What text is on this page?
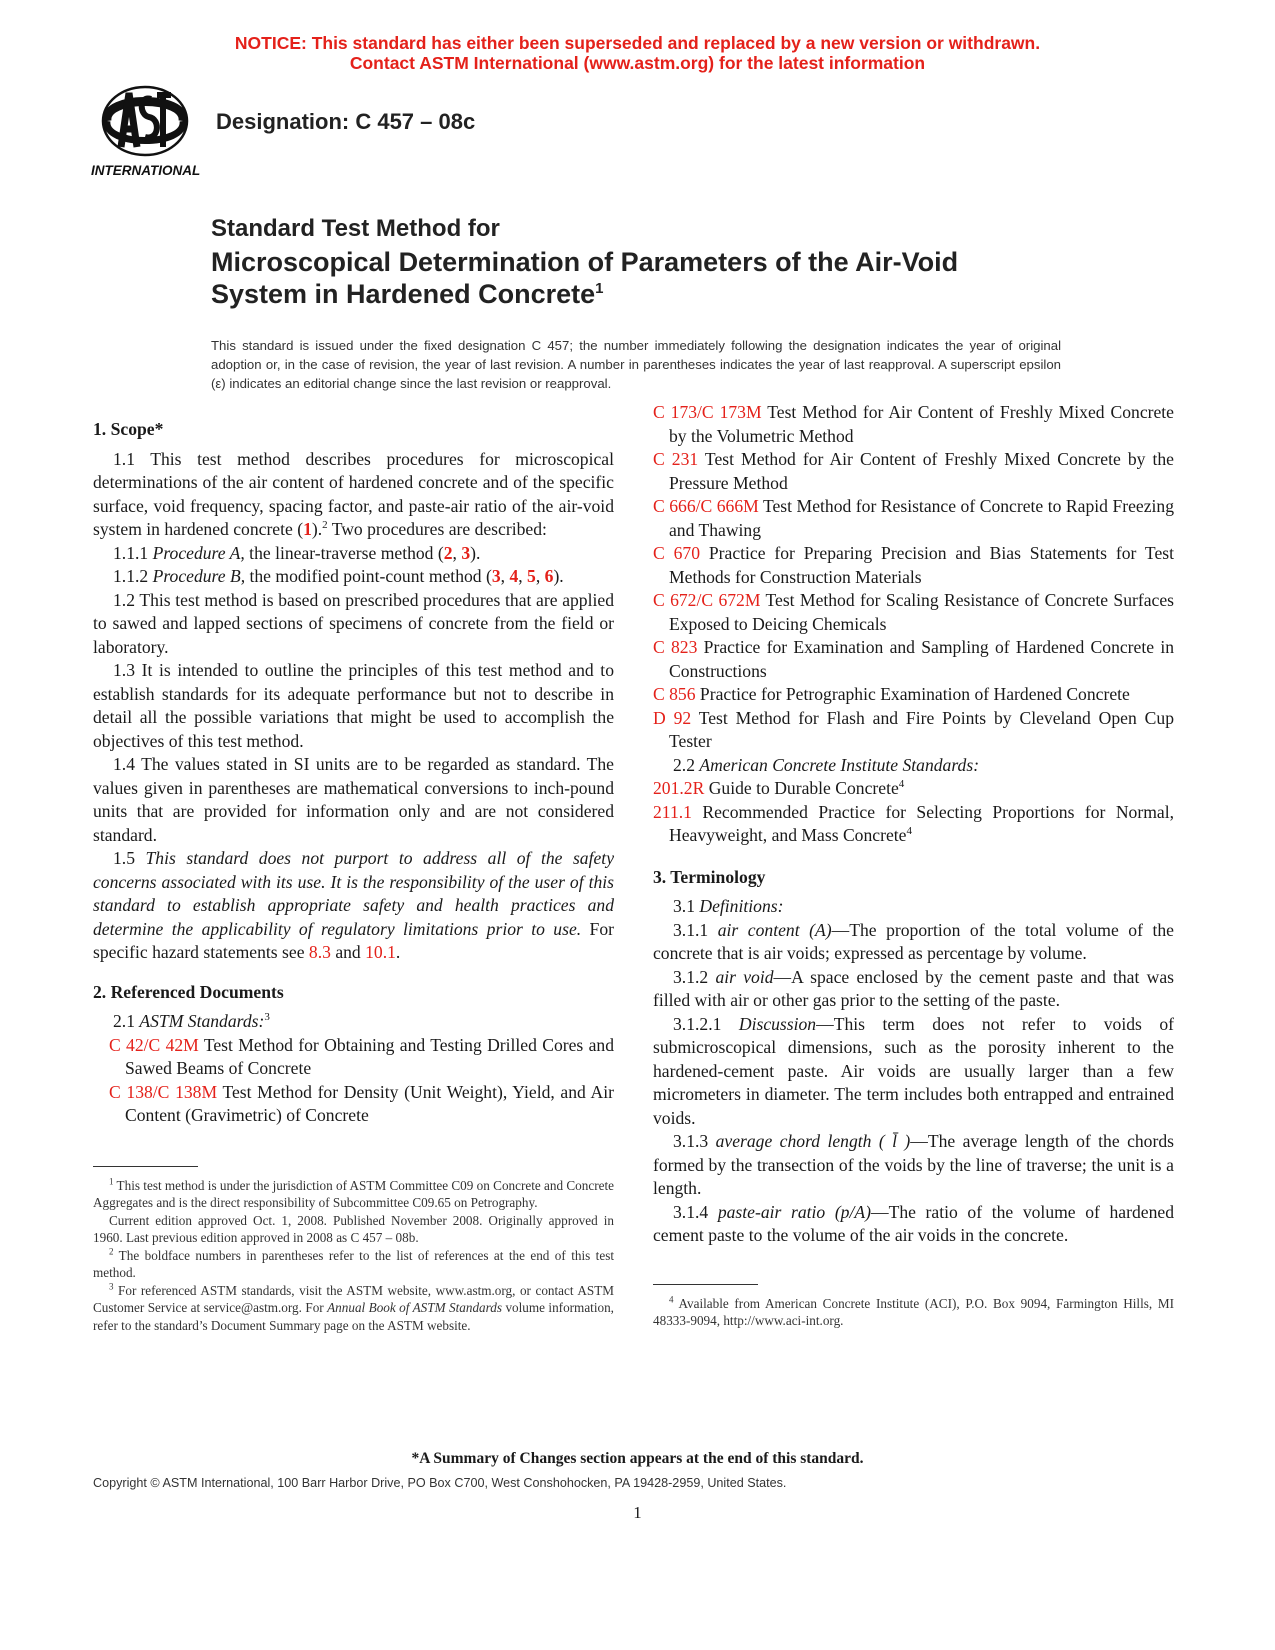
NOTICE: This standard has either been superseded and replaced by a new version or withdrawn.
Contact ASTM International (www.astm.org) for the latest information
INTERNATIONAL
Designation: C 457 – 08c
Standard Test Method for
Microscopical Determination of Parameters of the Air-Void
System in Hardened Concrete$^1$
This standard is issued under the fixed designation C 457; the number immediately following the designation indicates the year of original adoption or, in the case of revision, the year of last revision. A number in parentheses indicates the year of last reapproval. A superscript epsilon (ε) indicates an editorial change since the last revision or reapproval.

1. Scope*

1.1 This test method describes procedures for microscopical determinations of the air content of hardened concrete and of the specific surface, void frequency, spacing factor, and paste-air ratio of the air-void system in hardened concrete (1).$^2$ Two procedures are described:

1.1.1 Procedure A, the linear-traverse method (2, 3).

1.1.2 Procedure B, the modified point-count method (3, 4, 5, 6).

1.2 This test method is based on prescribed procedures that are applied to sawed and lapped sections of specimens of concrete from the field or laboratory.

1.3 It is intended to outline the principles of this test method and to establish standards for its adequate performance but not to describe in detail all the possible variations that might be used to accomplish the objectives of this test method.

1.4 The values stated in SI units are to be regarded as standard. The values given in parentheses are mathematical conversions to inch-pound units that are provided for information only and are not considered standard.

1.5 This standard does not purport to address all of the safety concerns associated with its use. It is the responsibility of the user of this standard to establish appropriate safety and health practices and determine the applicability of regulatory limitations prior to use. For specific hazard statements see 8.3 and 10.1.

2. Referenced Documents

2.1 ASTM Standards:$^3$

C 42/C 42M Test Method for Obtaining and Testing Drilled Cores and Sawed Beams of Concrete

C 138/C 138M Test Method for Density (Unit Weight), Yield, and Air Content (Gravimetric) of Concrete

$^1$ This test method is under the jurisdiction of ASTM Committee C09 on Concrete and Concrete Aggregates and is the direct responsibility of Subcommittee C09.65 on Petrography.

Current edition approved Oct. 1, 2008. Published November 2008. Originally approved in 1960. Last previous edition approved in 2008 as C 457 – 08b.

$^2$ The boldface numbers in parentheses refer to the list of references at the end of this test method.

$^3$ For referenced ASTM standards, visit the ASTM website, www.astm.org, or contact ASTM Customer Service at service@astm.org. For Annual Book of ASTM Standards volume information, refer to the standard’s Document Summary page on the ASTM website.

C 173/C 173M Test Method for Air Content of Freshly Mixed Concrete by the Volumetric Method

C 231 Test Method for Air Content of Freshly Mixed Concrete by the Pressure Method

C 666/C 666M Test Method for Resistance of Concrete to Rapid Freezing and Thawing

C 670 Practice for Preparing Precision and Bias Statements for Test Methods for Construction Materials

C 672/C 672M Test Method for Scaling Resistance of Concrete Surfaces Exposed to Deicing Chemicals

C 823 Practice for Examination and Sampling of Hardened Concrete in Constructions

C 856 Practice for Petrographic Examination of Hardened Concrete

D 92 Test Method for Flash and Fire Points by Cleveland Open Cup Tester

2.2 American Concrete Institute Standards:

201.2R Guide to Durable Concrete$^4$

211.1 Recommended Practice for Selecting Proportions for Normal, Heavyweight, and Mass Concrete$^4$

3. Terminology

3.1 Definitions:

3.1.1 air content (A)—The proportion of the total volume of the concrete that is air voids; expressed as percentage by volume.

3.1.2 air void—A space enclosed by the cement paste and that was filled with air or other gas prior to the setting of the paste.

3.1.2.1 Discussion—This term does not refer to voids of submicroscopical dimensions, such as the porosity inherent to the hardened-cement paste. Air voids are usually larger than a few micrometers in diameter. The term includes both entrapped and entrained voids.

3.1.3 average chord length ( l̄ )—The average length of the chords formed by the transection of the voids by the line of traverse; the unit is a length.

3.1.4 paste-air ratio (p/A)—The ratio of the volume of hardened cement paste to the volume of the air voids in the concrete.

$^4$ Available from American Concrete Institute (ACI), P.O. Box 9094, Farmington Hills, MI 48333-9094, http://www.aci-int.org.

*A Summary of Changes section appears at the end of this standard.
Copyright © ASTM International, 100 Barr Harbor Drive, PO Box C700, West Conshohocken, PA 19428-2959, United States.
1
